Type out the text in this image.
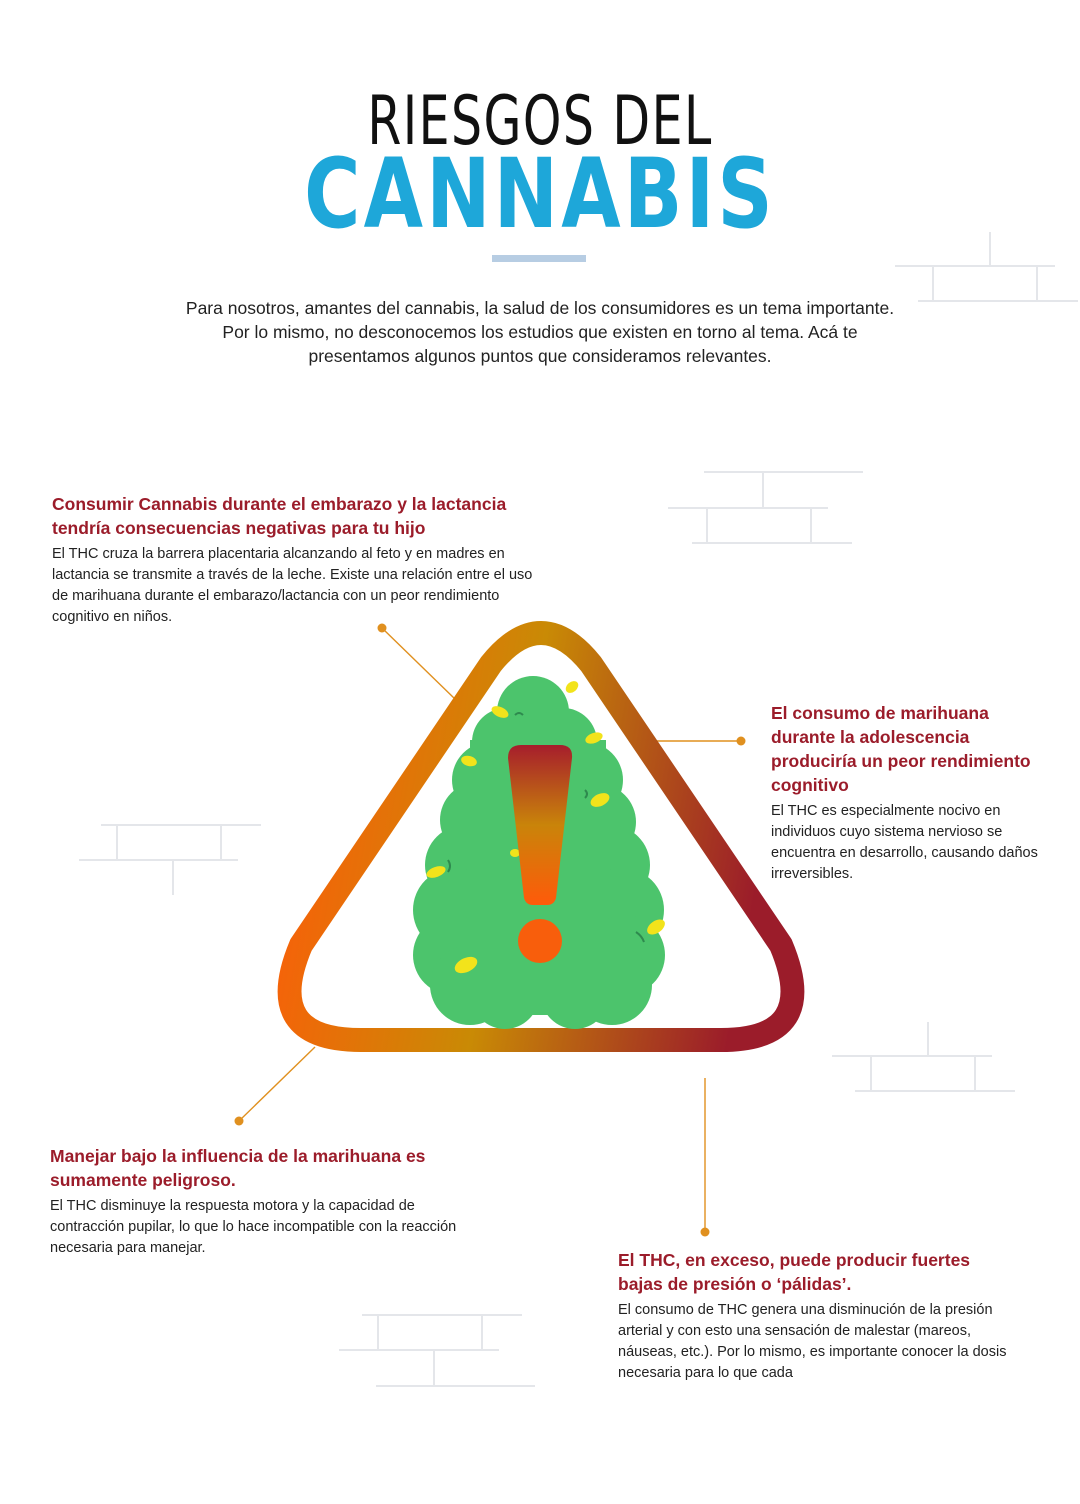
RIESGOS DEL
CANNABIS

Para nosotros, amantes del cannabis, la salud de los consumidores es un tema importante. Por lo mismo, no desconocemos los estudios que existen en torno al tema. Acá te presentamos algunos puntos que consideramos relevantes.

Consumir Cannabis durante el embarazo y la lactancia tendría consecuencias negativas para tu hijo

El THC cruza la barrera placentaria alcanzando al feto y en madres en lactancia se transmite a través de la leche. Existe una relación entre el uso de marihuana durante el embarazo/lactancia con un peor rendimiento cognitivo en niños.

El consumo de marihuana durante la adolescencia produciría un peor rendimiento cognitivo

El THC es especialmente nocivo en individuos cuyo sistema nervioso se encuentra en desarrollo, causando daños irreversibles.

Manejar bajo la influencia de la marihuana es sumamente peligroso.

El THC disminuye la respuesta motora y la capacidad de contracción pupilar, lo que lo hace incompatible con la reacción necesaria para manejar.

El THC, en exceso, puede producir fuertes bajas de presión o ‘pálidas’.

El consumo de THC genera una disminución de la presión arterial y con esto una sensación de malestar (mareos, náuseas, etc.). Por lo mismo, es importante conocer la dosis necesaria para lo que cada
